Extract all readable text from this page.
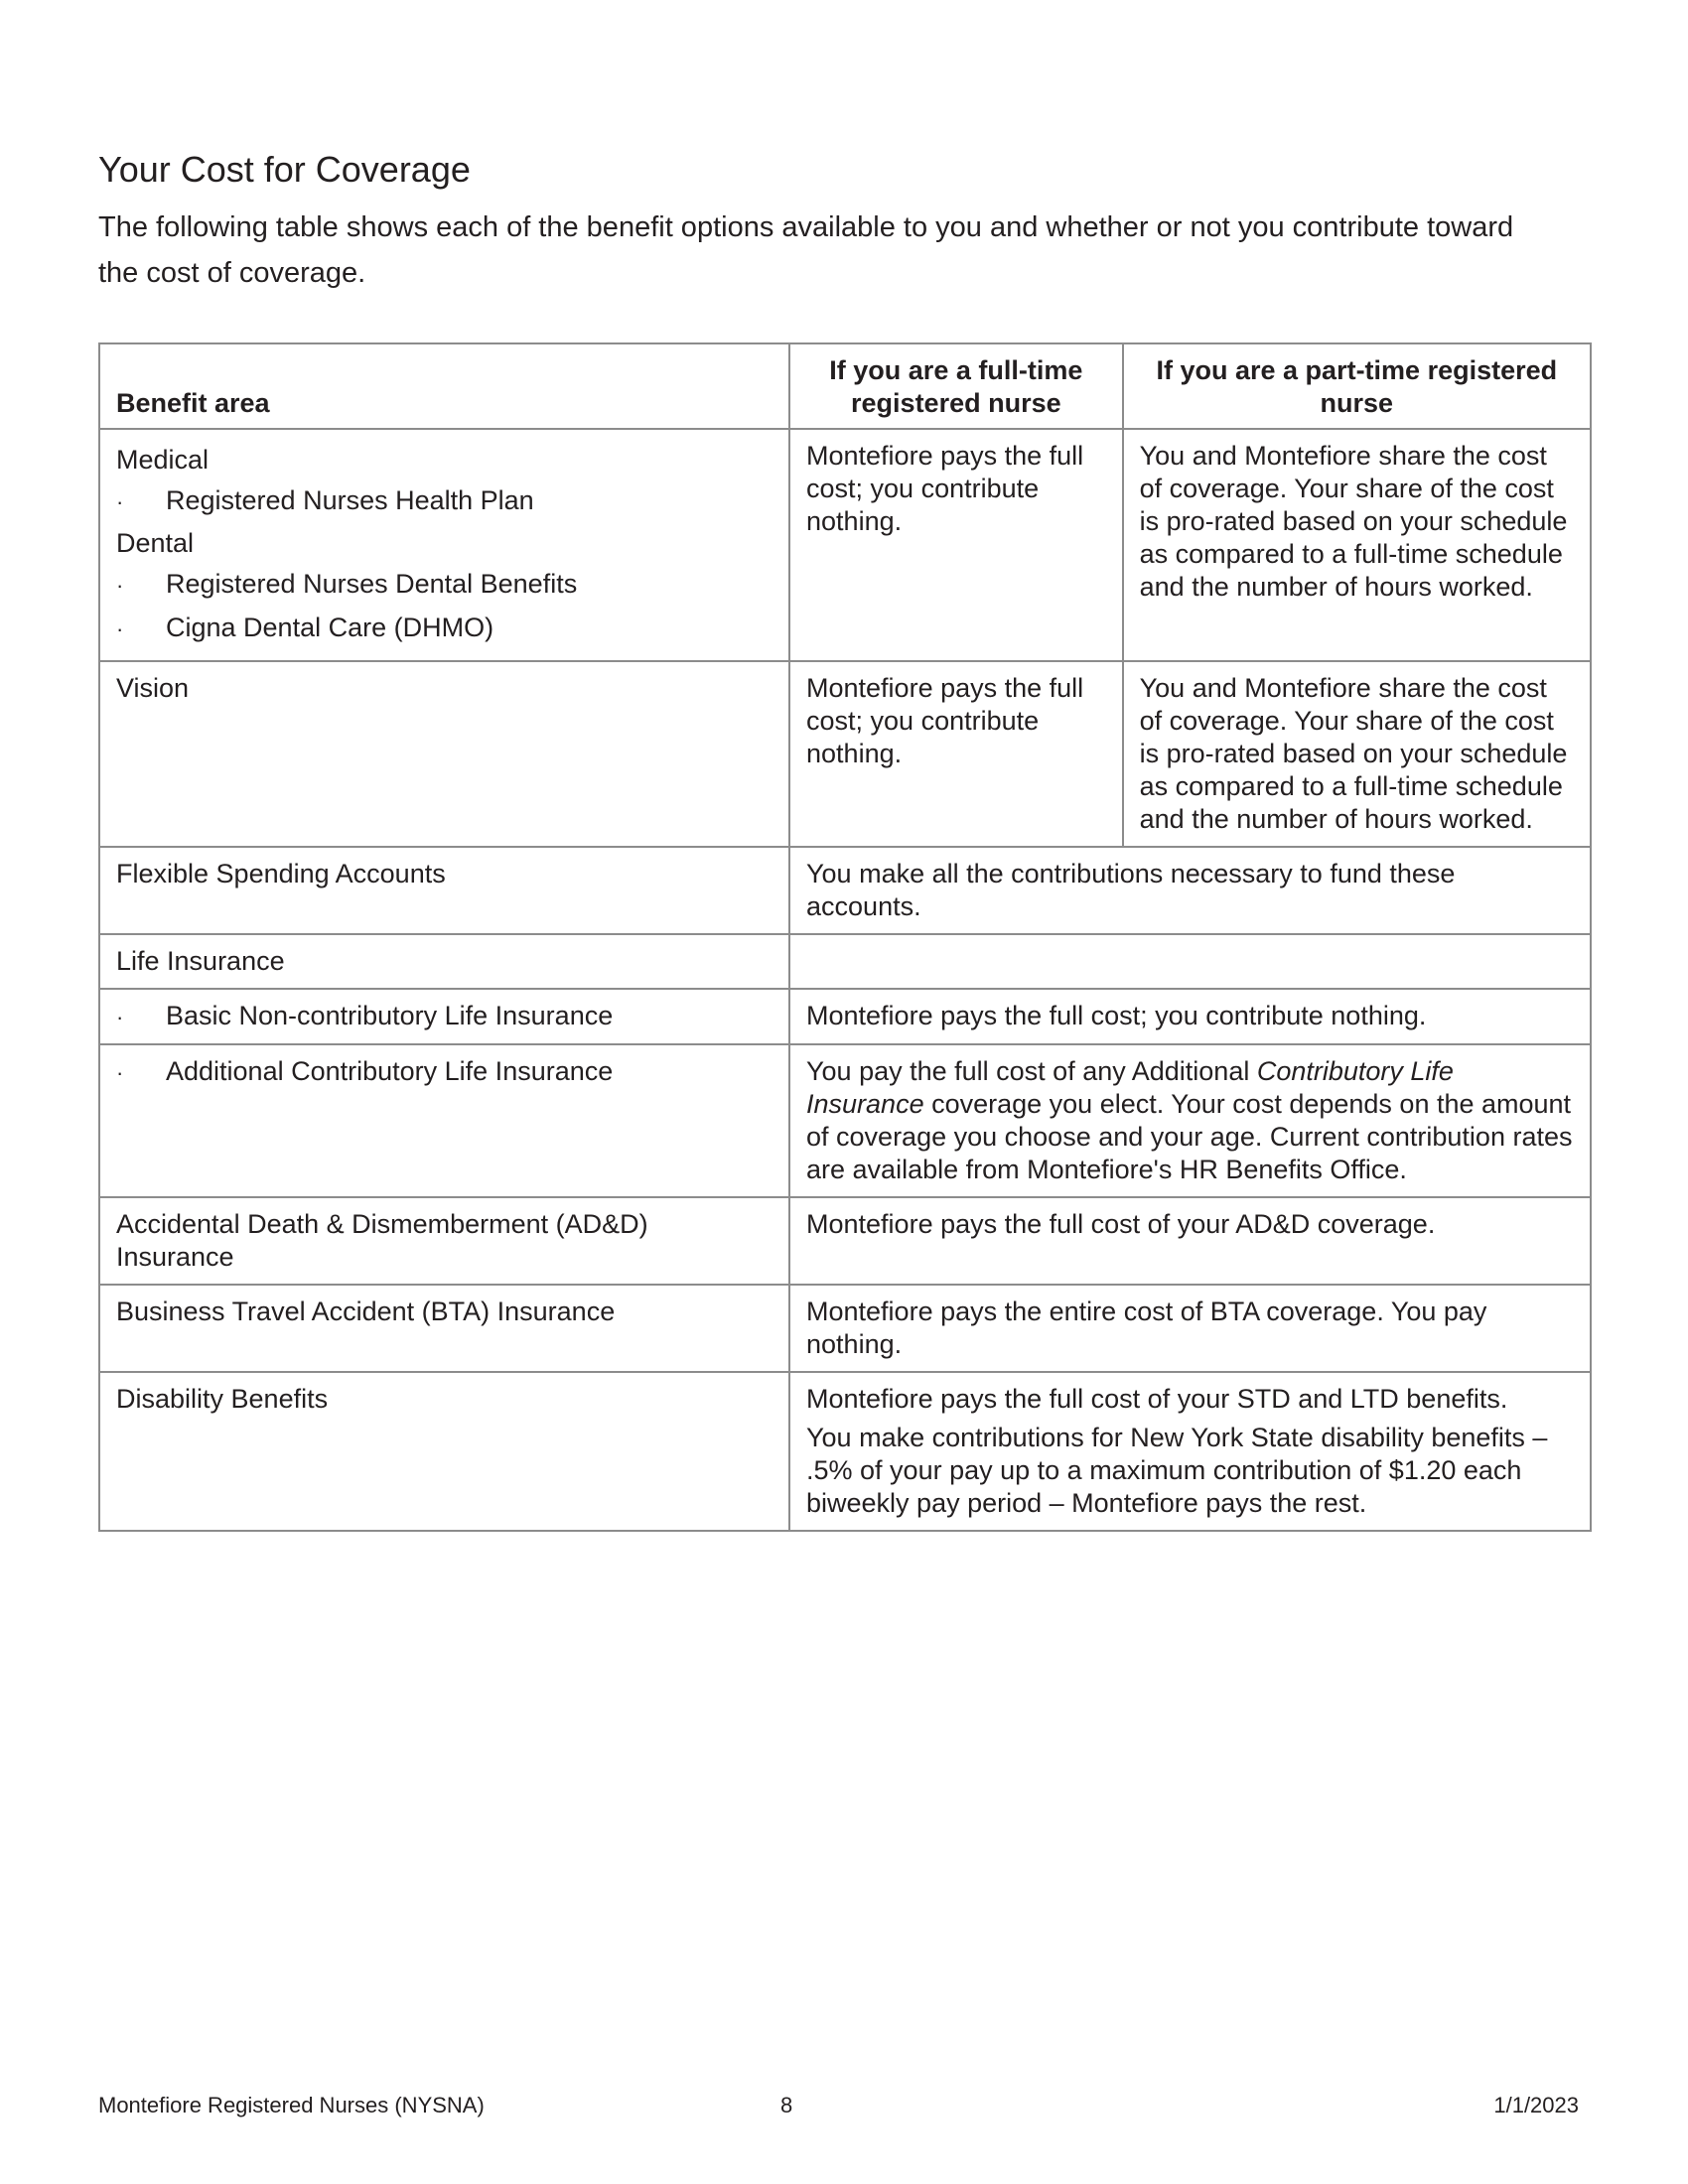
Your Cost for Coverage

The following table shows each of the benefit options available to you and whether or not you contribute toward the cost of coverage.

Benefit area	If you are a full-time registered nurse	If you are a part-time registered nurse

Medical
· Registered Nurses Health Plan
Dental
· Registered Nurses Dental Benefits
· Cigna Dental Care (DHMO)	Montefiore pays the full cost; you contribute nothing.	You and Montefiore share the cost of coverage. Your share of the cost is pro-rated based on your schedule as compared to a full-time schedule and the number of hours worked.
Vision	Montefiore pays the full cost; you contribute nothing.	You and Montefiore share the cost of coverage. Your share of the cost is pro-rated based on your schedule as compared to a full-time schedule and the number of hours worked.
Flexible Spending Accounts	You make all the contributions necessary to fund these accounts.	
Life Insurance		
· Basic Non-contributory Life Insurance	Montefiore pays the full cost; you contribute nothing.	
· Additional Contributory Life Insurance	You pay the full cost of any Additional Contributory Life Insurance coverage you elect. Your cost depends on the amount of coverage you choose and your age. Current contribution rates are available from Montefiore's HR Benefits Office.	
Accidental Death & Dismemberment (AD&D) Insurance	Montefiore pays the full cost of your AD&D coverage.	
Business Travel Accident (BTA) Insurance	Montefiore pays the entire cost of BTA coverage. You pay nothing.	
Disability Benefits	Montefiore pays the full cost of your STD and LTD benefits.
You make contributions for New York State disability benefits – .5% of your pay up to a maximum contribution of $1.20 each biweekly pay period – Montefiore pays the rest.	
Montefiore Registered Nurses (NYSNA)	8	1/1/2023
